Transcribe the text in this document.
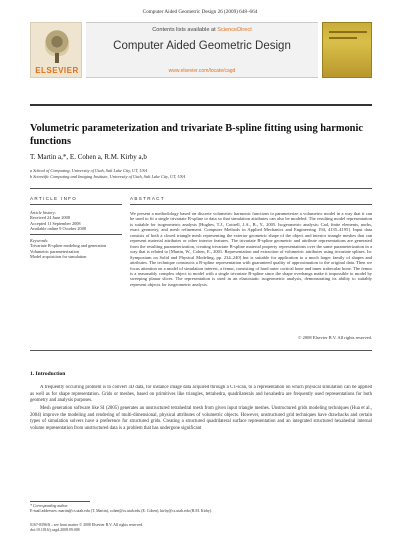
Computer Aided Geometric Design 26 (2009) 648–664
ELSEVIER
Contents lists available at ScienceDirect
Computer Aided Geometric Design
www.elsevier.com/locate/cagd
Volumetric parameterization and trivariate B-spline fitting using harmonic functions
T. Martin a,*, E. Cohen a, R.M. Kirby a,b
a School of Computing, University of Utah, Salt Lake City, UT, USA
b Scientific Computing and Imaging Institute, University of Utah, Salt Lake City, UT, USA
ARTICLE INFO	ABSTRACT
Article history:
Received 24 June 2008
Accepted 11 September 2008
Available online 9 October 2008
Keywords:
Trivariate B-spline modeling and generation
Volumetric parameterization
Model acquisition for simulation
We present a methodology based on discrete volumetric harmonic functions to parameterize a volumetric model in a way that it can be used to fit a single trivariate B-spline to data so that simulation attributes can also be modeled. The resulting model representation is suitable for isogeometric analysis [Hughes, T.J., Cottrell, J.A., B., Y., 2005. Isogeometric analysis: Cad, finite elements, nurbs, exact geometry, and mesh refinement. Computer Methods in Applied Mechanics and Engineering 194, 4135–4195]. Input data consists of both a closed triangle mesh representing the exterior geometric shape of the object and interior triangle meshes that can represent material attributes or other interior features. The trivariate B-spline geometric and attribute representations are generated from the resulting parameterization, creating trivariate B-spline material property representations over the same parameterization in a way that is related to [Martin, W., Cohen, E., 2001. Representation and extraction of volumetric attributes using trivariate splines. In: Symposium on Solid and Physical Modeling, pp. 234–240] but is suitable for application to a much larger family of shapes and attributes. The technique constructs a B-spline representation with guaranteed quality of approximation to the original data. Then we focus attention on a model of simulation interest, a femur, consisting of hard outer cortical bone and inner trabecular bone. The femur is a reasonably complex object to model with a single trivariate B-spline since the shape overhangs make it impossible to model by sweeping planar slices. The representation is used in an elastostatic isogeometric analysis, demonstrating its ability to suitably represent objects for isogeometric analysis.
© 2008 Elsevier B.V. All rights reserved.
1. Introduction

A frequently occurring problem is to convert 3D data, for instance image data acquired through a CT-scan, to a representation on which physical simulation can be applied as well as for shape representation. Grids or meshes, based on primitives like triangles, tetrahedra, quadrilaterals and hexahedra are frequently used representations for both geometry and analysis purposes.

Mesh generation software like SI (2005) generates an unstructured tetrahedral mesh from given input triangle meshes. Unstructured grids modeling techniques (Hua et al., 2004) improve the modeling and rendering of multi-dimensional, physical attributes of volumetric objects. However, unstructured grid techniques have drawbacks and certain types of simulation solvers have a preference for structured grids. Creating a structured quadrilateral surface representation and an integrated structured hexahedral internal volume representation from unstructured data is a problem that has undergone significant

* Corresponding author.
E-mail addresses: martin@cs.utah.edu (T. Martin), cohen@cs.utah.edu (E. Cohen), kirby@cs.utah.edu (R.M. Kirby).
0167-8396/$ – see front matter © 2008 Elsevier B.V. All rights reserved.
doi:10.1016/j.cagd.2008.09.008
